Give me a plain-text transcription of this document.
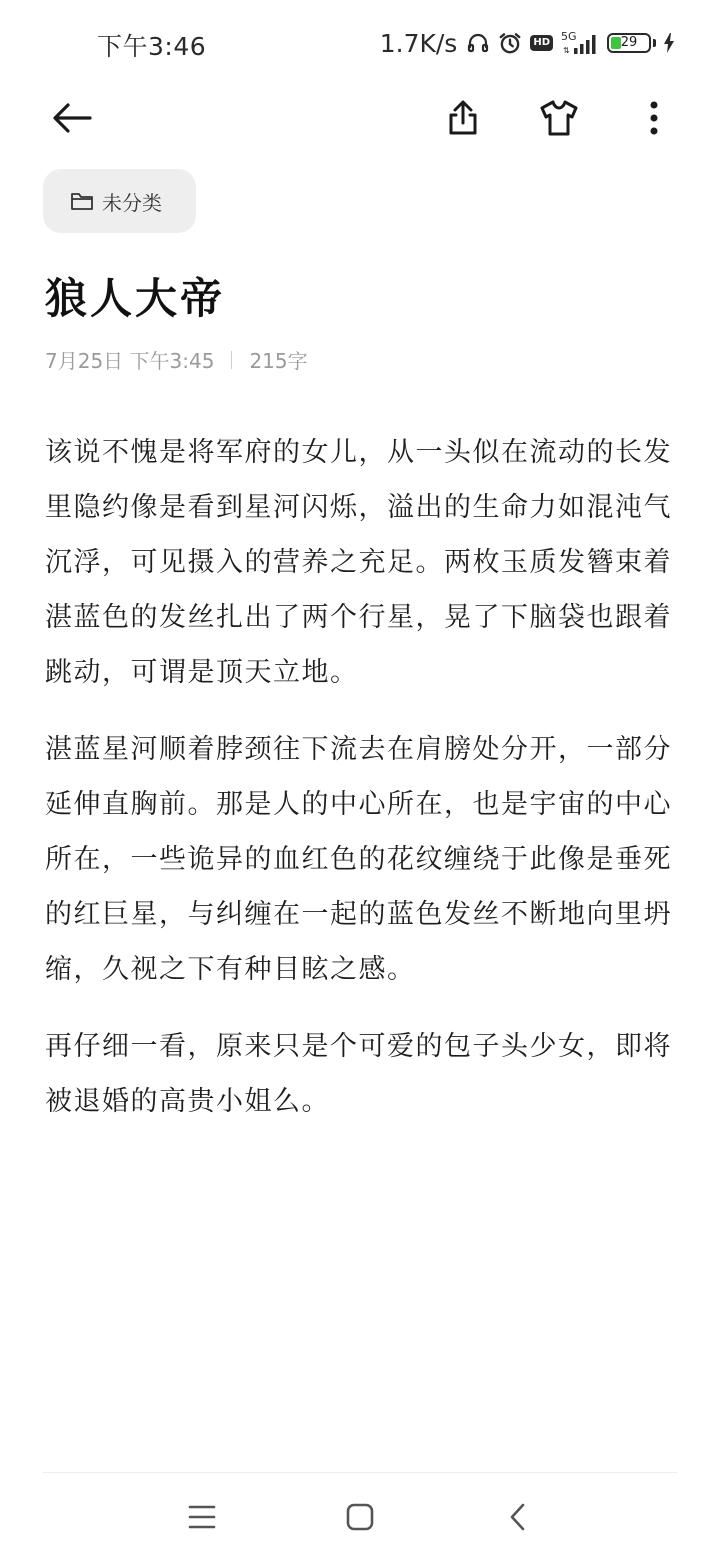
下午3:46	1.7K/s	HD 5G
⇅
29
未分类
狼人大帝
7月25日 下午3:45 215字

该说不愧是将军府的女儿，从一头似在流动的长发里隐约像是看到星河闪烁，溢出的生命力如混沌气沉浮，可见摄入的营养之充足。两枚玉质发簪束着湛蓝色的发丝扎出了两个行星，晃了下脑袋也跟着跳动，可谓是顶天立地。

湛蓝星河顺着脖颈往下流去在肩膀处分开，一部分延伸直胸前。那是人的中心所在，也是宇宙的中心所在，一些诡异的血红色的花纹缠绕于此像是垂死的红巨星，与纠缠在一起的蓝色发丝不断地向里坍缩，久视之下有种目眩之感。

再仔细一看，原来只是个可爱的包子头少女，即将被退婚的高贵小姐么。
